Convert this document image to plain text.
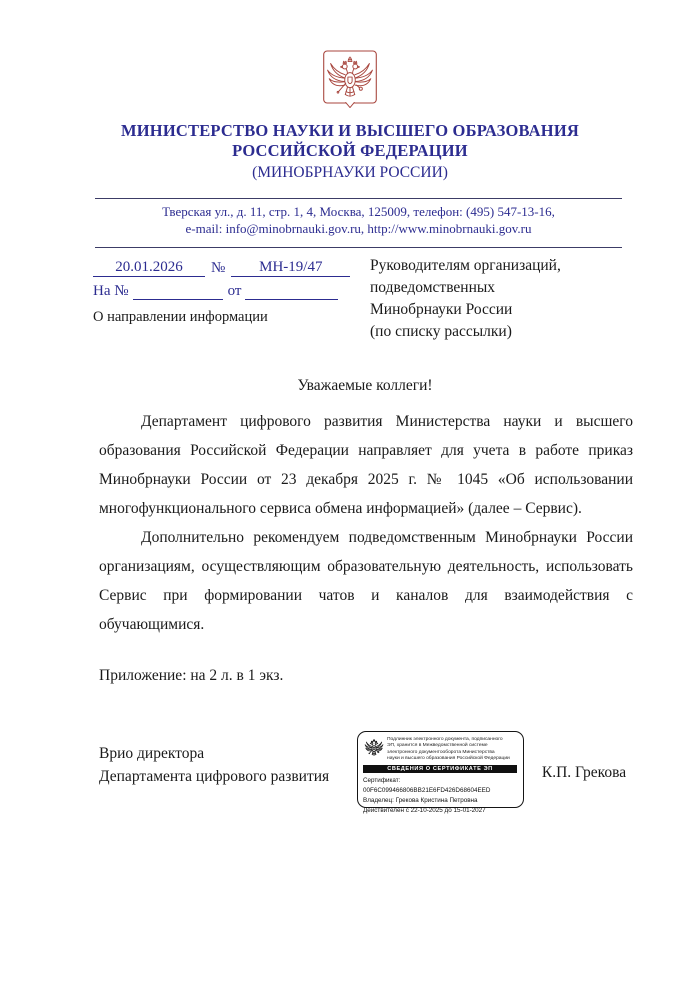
МИНИСТЕРСТВО НАУКИ И ВЫСШЕГО ОБРАЗОВАНИЯ
РОССИЙСКОЙ ФЕДЕРАЦИИ
(МИНОБРНАУКИ РОССИИ)
Тверская ул., д. 11, стр. 1, 4, Москва, 125009, телефон: (495) 547-13-16,
e-mail: info@minobrnauki.gov.ru, http://www.minobrnauki.gov.ru
20.01.2026 № МН-19/47
На №	от
О направлении информации
Руководителям организаций,
подведомственных
Минобрнауки России
(по списку рассылки)
Уважаемые коллеги!

Департамент цифрового развития Министерства науки и высшего образования Российской Федерации направляет для учета в работе приказ Минобрнауки России от 23 декабря 2025 г. № 1045 «Об использовании многофункционального сервиса обмена информацией» (далее – Сервис).

Дополнительно рекомендуем подведомственным Минобрнауки России организациям, осуществляющим образовательную деятельность, использовать Сервис при формировании чатов и каналов для взаимодействия с обучающимися.

Приложение: на 2 л. в 1 экз.
Врио директора
Департамента цифрового развития
Подлинник электронного документа, подписанного
ЭП, хранится в Межведомственной системе
электронного документооборота Министерства
науки и высшего образования Российской Федерации
СВЕДЕНИЯ О СЕРТИФИКАТЕ ЭП
Сертификат: 00F6C099466806BB21E6FD426D68604EED
Владелец: Грекова Кристина Петровна
Действителен с 22-10-2025 до 15-01-2027
К.П. Грекова
